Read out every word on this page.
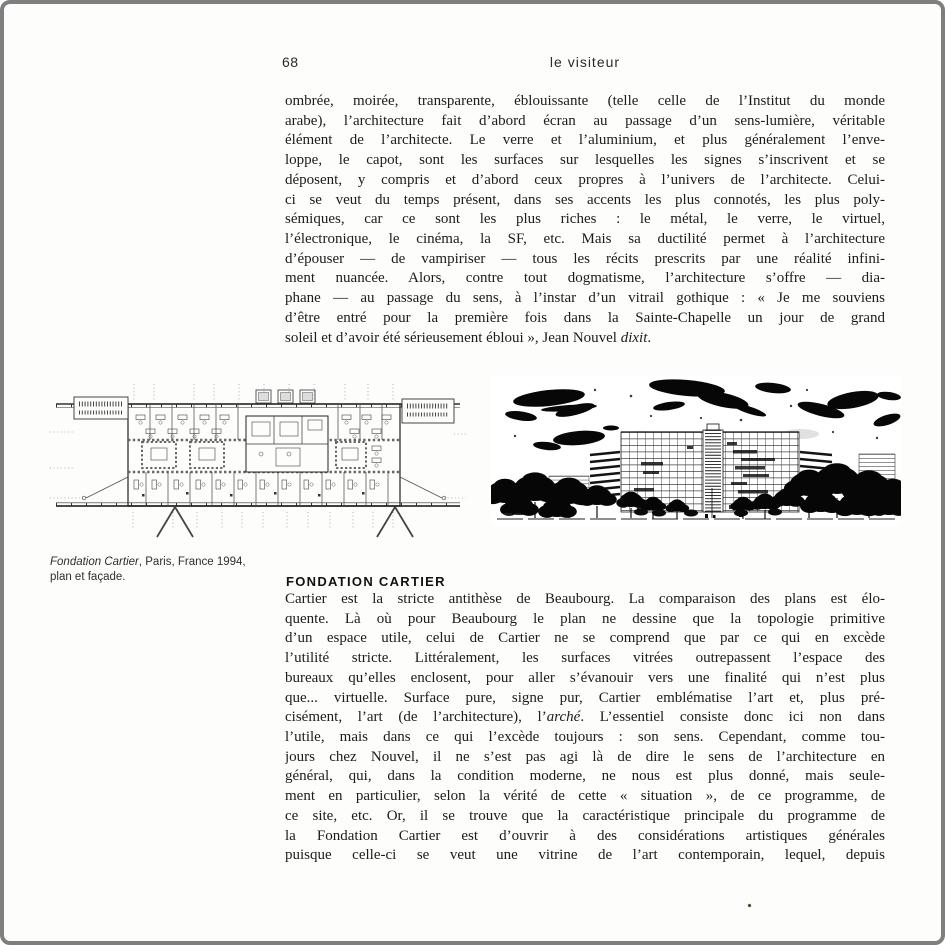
68	le visiteur
ombrée, moirée, transparente, éblouissante (telle celle de l’Institut du monde
arabe), l’architecture fait d’abord écran au passage d’un sens-lumière, véritable
élément de l’architecte. Le verre et l’aluminium, et plus généralement l’enve-
loppe, le capot, sont les surfaces sur lesquelles les signes s’inscrivent et se
déposent, y compris et d’abord ceux propres à l’univers de l’architecte. Celui-
ci se veut du temps présent, dans ses accents les plus connotés, les plus poly-
sémiques, car ce sont les plus riches : le métal, le verre, le virtuel,
l’électronique, le cinéma, la SF, etc. Mais sa ductilité permet à l’architecture
d’épouser — de vampiriser — tous les récits prescrits par une réalité infini-
ment nuancée. Alors, contre tout dogmatisme, l’architecture s’offre — dia-
phane — au passage du sens, à l’instar d’un vitrail gothique : « Je me souviens
d’être entré pour la première fois dans la Sainte-Chapelle un jour de grand
soleil et d’avoir été sérieusement ébloui », Jean Nouvel dixit.
Fondation Cartier, Paris, France 1994,
plan et façade.	FONDATION CARTIER
Cartier est la stricte antithèse de Beaubourg. La comparaison des plans est élo-
quente. Là où pour Beaubourg le plan ne dessine que la topologie primitive
d’un espace utile, celui de Cartier ne se comprend que par ce qui en excède
l’utilité stricte. Littéralement, les surfaces vitrées outrepassent l’espace des
bureaux qu’elles enclosent, pour aller s’évanouir vers une finalité qui n’est plus
que... virtuelle. Surface pure, signe pur, Cartier emblématise l’art et, plus pré-
cisément, l’art (de l’architecture), l’arché. L’essentiel consiste donc ici non dans
l’utile, mais dans ce qui l’excède toujours : son sens. Cependant, comme tou-
jours chez Nouvel, il ne s’est pas agi là de dire le sens de l’architecture en
général, qui, dans la condition moderne, ne nous est plus donné, mais seule-
ment en particulier, selon la vérité de cette « situation », de ce programme, de
ce site, etc. Or, il se trouve que la caractéristique principale du programme de
la Fondation Cartier est d’ouvrir à des considérations artistiques générales
puisque celle-ci se veut une vitrine de l’art contemporain, lequel, depuis
